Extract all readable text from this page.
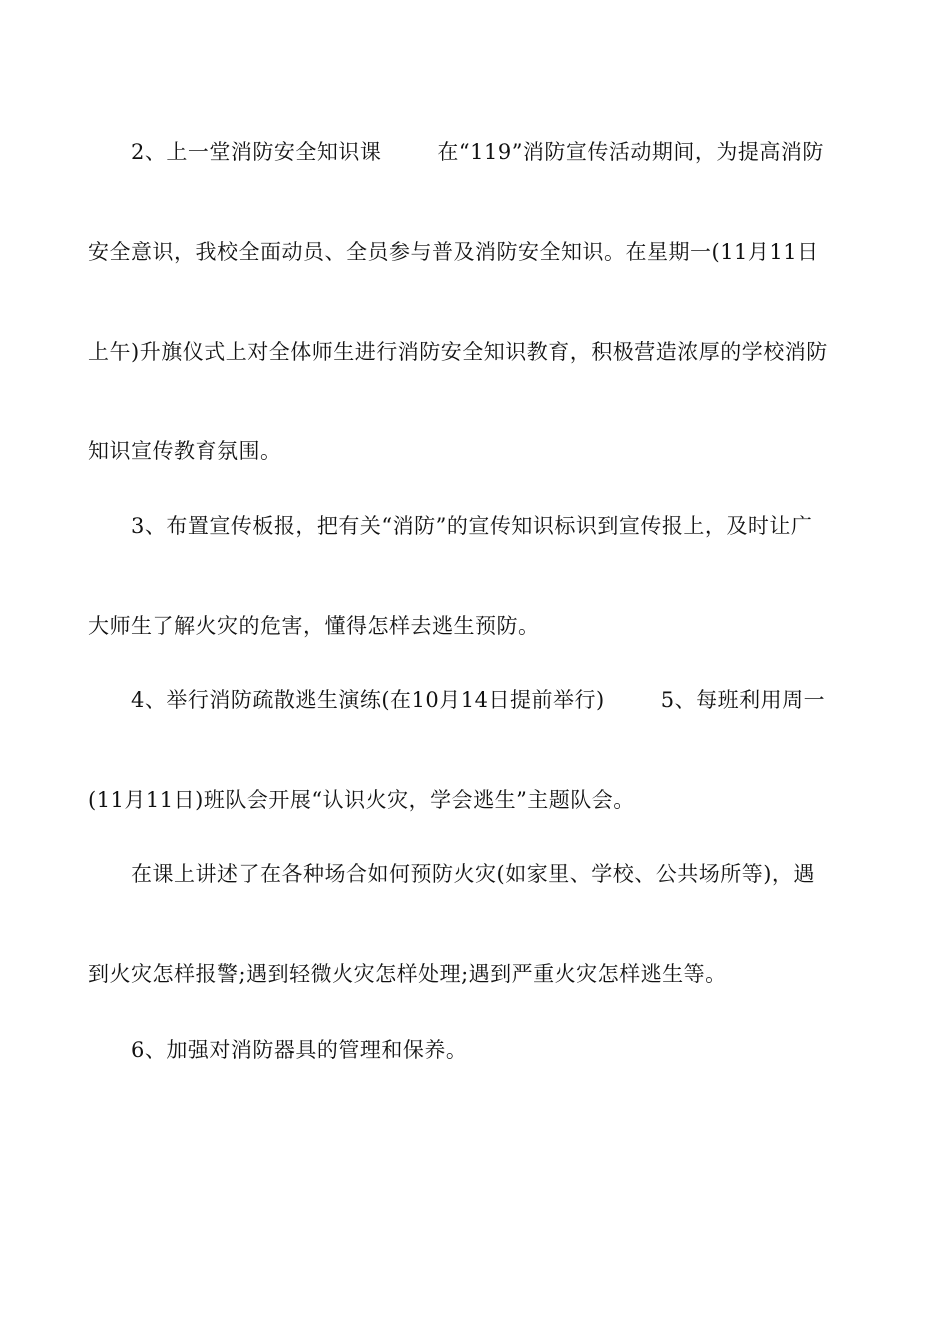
2、上一堂消防安全知识课	在“119”消防宣传活动期间，为提高消防
安全意识，我校全面动员、全员参与普及消防安全知识。在星期一(11月11日
上午)升旗仪式上对全体师生进行消防安全知识教育，积极营造浓厚的学校消防
知识宣传教育氛围。
3、布置宣传板报，把有关“消防”的宣传知识标识到宣传报上，及时让广
大师生了解火灾的危害，懂得怎样去逃生预防。
4、举行消防疏散逃生演练(在10月14日提前举行)	5、每班利用周一
(11月11日)班队会开展“认识火灾，学会逃生”主题队会。
在课上讲述了在各种场合如何预防火灾(如家里、学校、公共场所等)，遇
到火灾怎样报警;遇到轻微火灾怎样处理;遇到严重火灾怎样逃生等。
6、加强对消防器具的管理和保养。
